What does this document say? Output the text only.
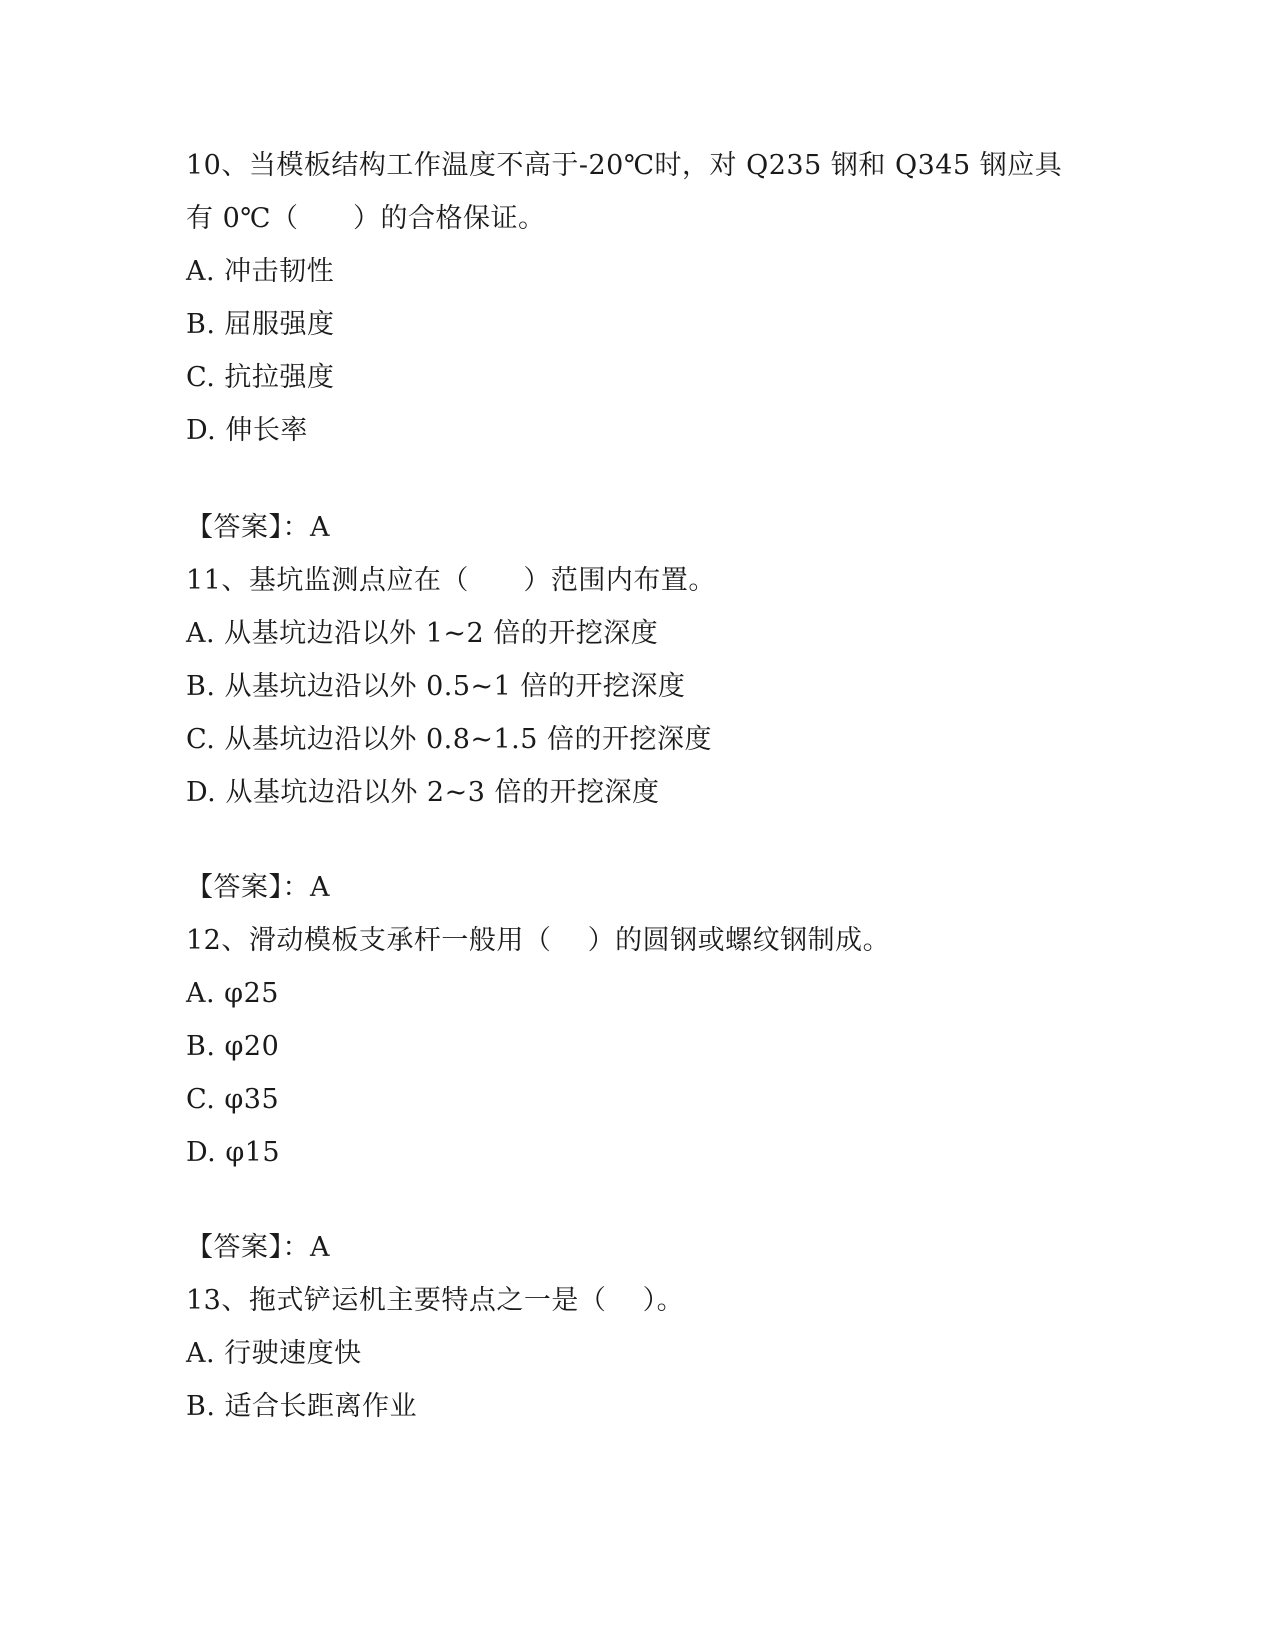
10、当模板结构工作温度不高于-20℃时，对 Q235 钢和 Q345 钢应具
有 0℃（      ）的合格保证。
A. 冲击韧性
B. 屈服强度
C. 抗拉强度
D. 伸长率
【答案】：A
11、基坑监测点应在（      ）范围内布置。
A. 从基坑边沿以外 1~2 倍的开挖深度
B. 从基坑边沿以外 0.5~1 倍的开挖深度
C. 从基坑边沿以外 0.8~1.5 倍的开挖深度
D. 从基坑边沿以外 2~3 倍的开挖深度
【答案】：A
12、滑动模板支承杆一般用（    ）的圆钢或螺纹钢制成。
A. φ25
B. φ20
C. φ35
D. φ15
【答案】：A
13、拖式铲运机主要特点之一是（    ）。
A. 行驶速度快
B. 适合长距离作业
